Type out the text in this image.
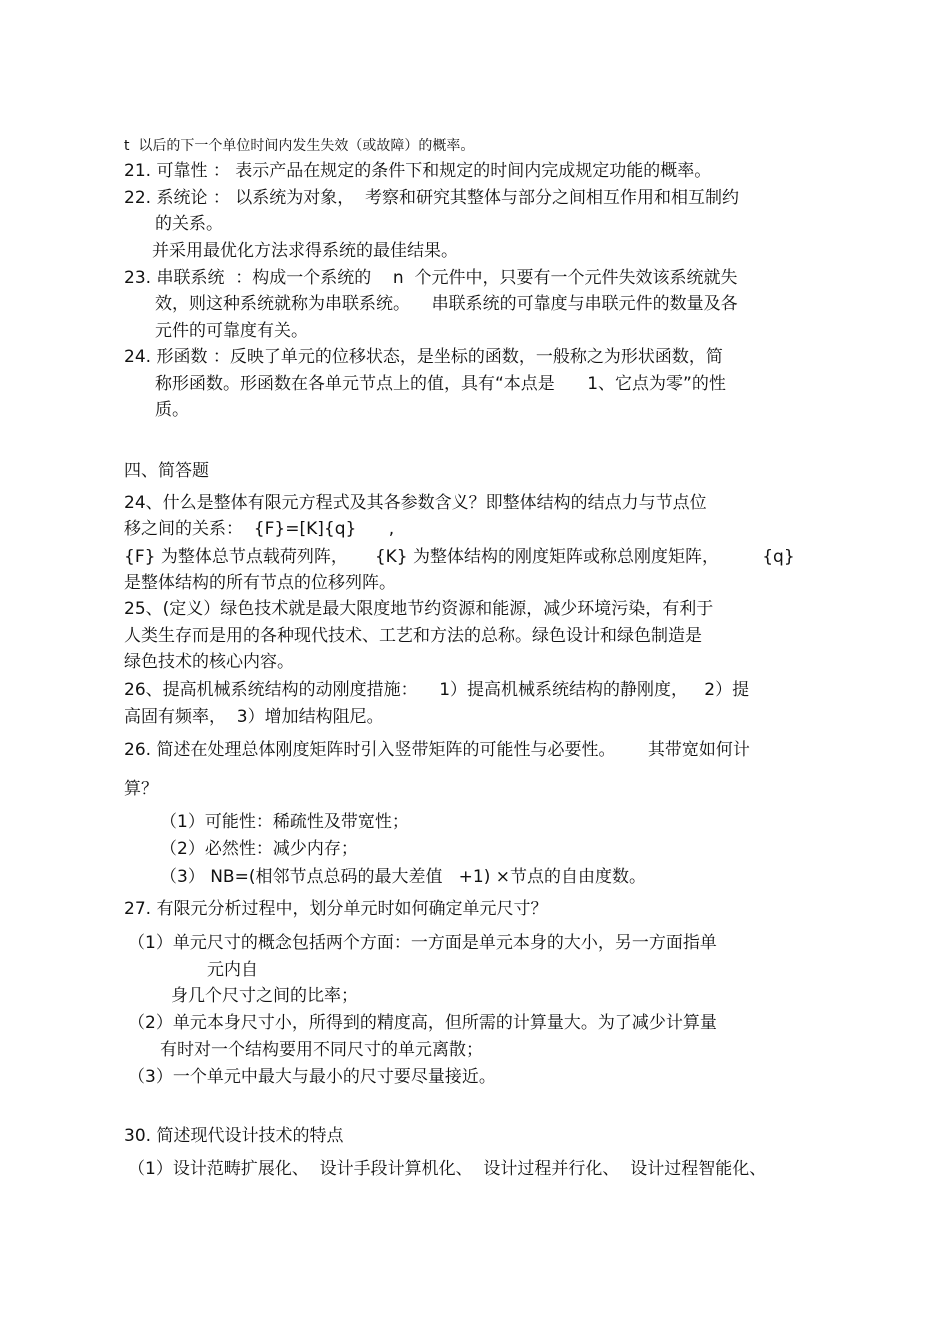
t  以后的下一个单位时间内发生失效（或故障）的概率。
21. 可靠性 ： 表示产品在规定的条件下和规定的时间内完成规定功能的概率。
22. 系统论 ： 以系统为对象，  考察和研究其整体与部分之间相互作用和相互制约
的关系。
并采用最优化方法求得系统的最佳结果。
23. 串联系统  ：构成一个系统的    n  个元件中，只要有一个元件失效该系统就失
效，则这种系统就称为串联系统。    串联系统的可靠度与串联元件的数量及各
元件的可靠度有关。
24. 形函数 ：反映了单元的位移状态，是坐标的函数，一般称之为形状函数，简
称形函数。形函数在各单元节点上的值，具有“本点是      1、它点为零”的性
质。
四、简答题
24、什么是整体有限元方程式及其各参数含义？即整体结构的结点力与节点位
移之间的关系：  {F}=[K]{q}      ,
{F} 为整体总节点载荷列阵，     {K} 为整体结构的刚度矩阵或称总刚度矩阵，        {q}
是整体结构的所有节点的位移列阵。
25、(定义）绿色技术就是最大限度地节约资源和能源，减少环境污染，有利于
人类生存而是用的各种现代技术、工艺和方法的总称。绿色设计和绿色制造是
绿色技术的核心内容。
26、提高机械系统结构的动刚度措施：    1）提高机械系统结构的静刚度，   2）提
高固有频率，  3）增加结构阻尼。
26. 简述在处理总体刚度矩阵时引入竖带矩阵的可能性与必要性。      其带宽如何计
算？
（1）可能性：稀疏性及带宽性；
（2）必然性：减少内存；
（3） NB=(相邻节点总码的最大差值   +1) ×节点的自由度数。
27. 有限元分析过程中，划分单元时如何确定单元尺寸？
（1）单元尺寸的概念包括两个方面：一方面是单元本身的大小，另一方面指单
元内自
身几个尺寸之间的比率；
（2）单元本身尺寸小，所得到的精度高，但所需的计算量大。为了减少计算量
有时对一个结构要用不同尺寸的单元离散；
（3）一个单元中最大与最小的尺寸要尽量接近。
30. 简述现代设计技术的特点
（1）设计范畴扩展化、  设计手段计算机化、  设计过程并行化、  设计过程智能化、
